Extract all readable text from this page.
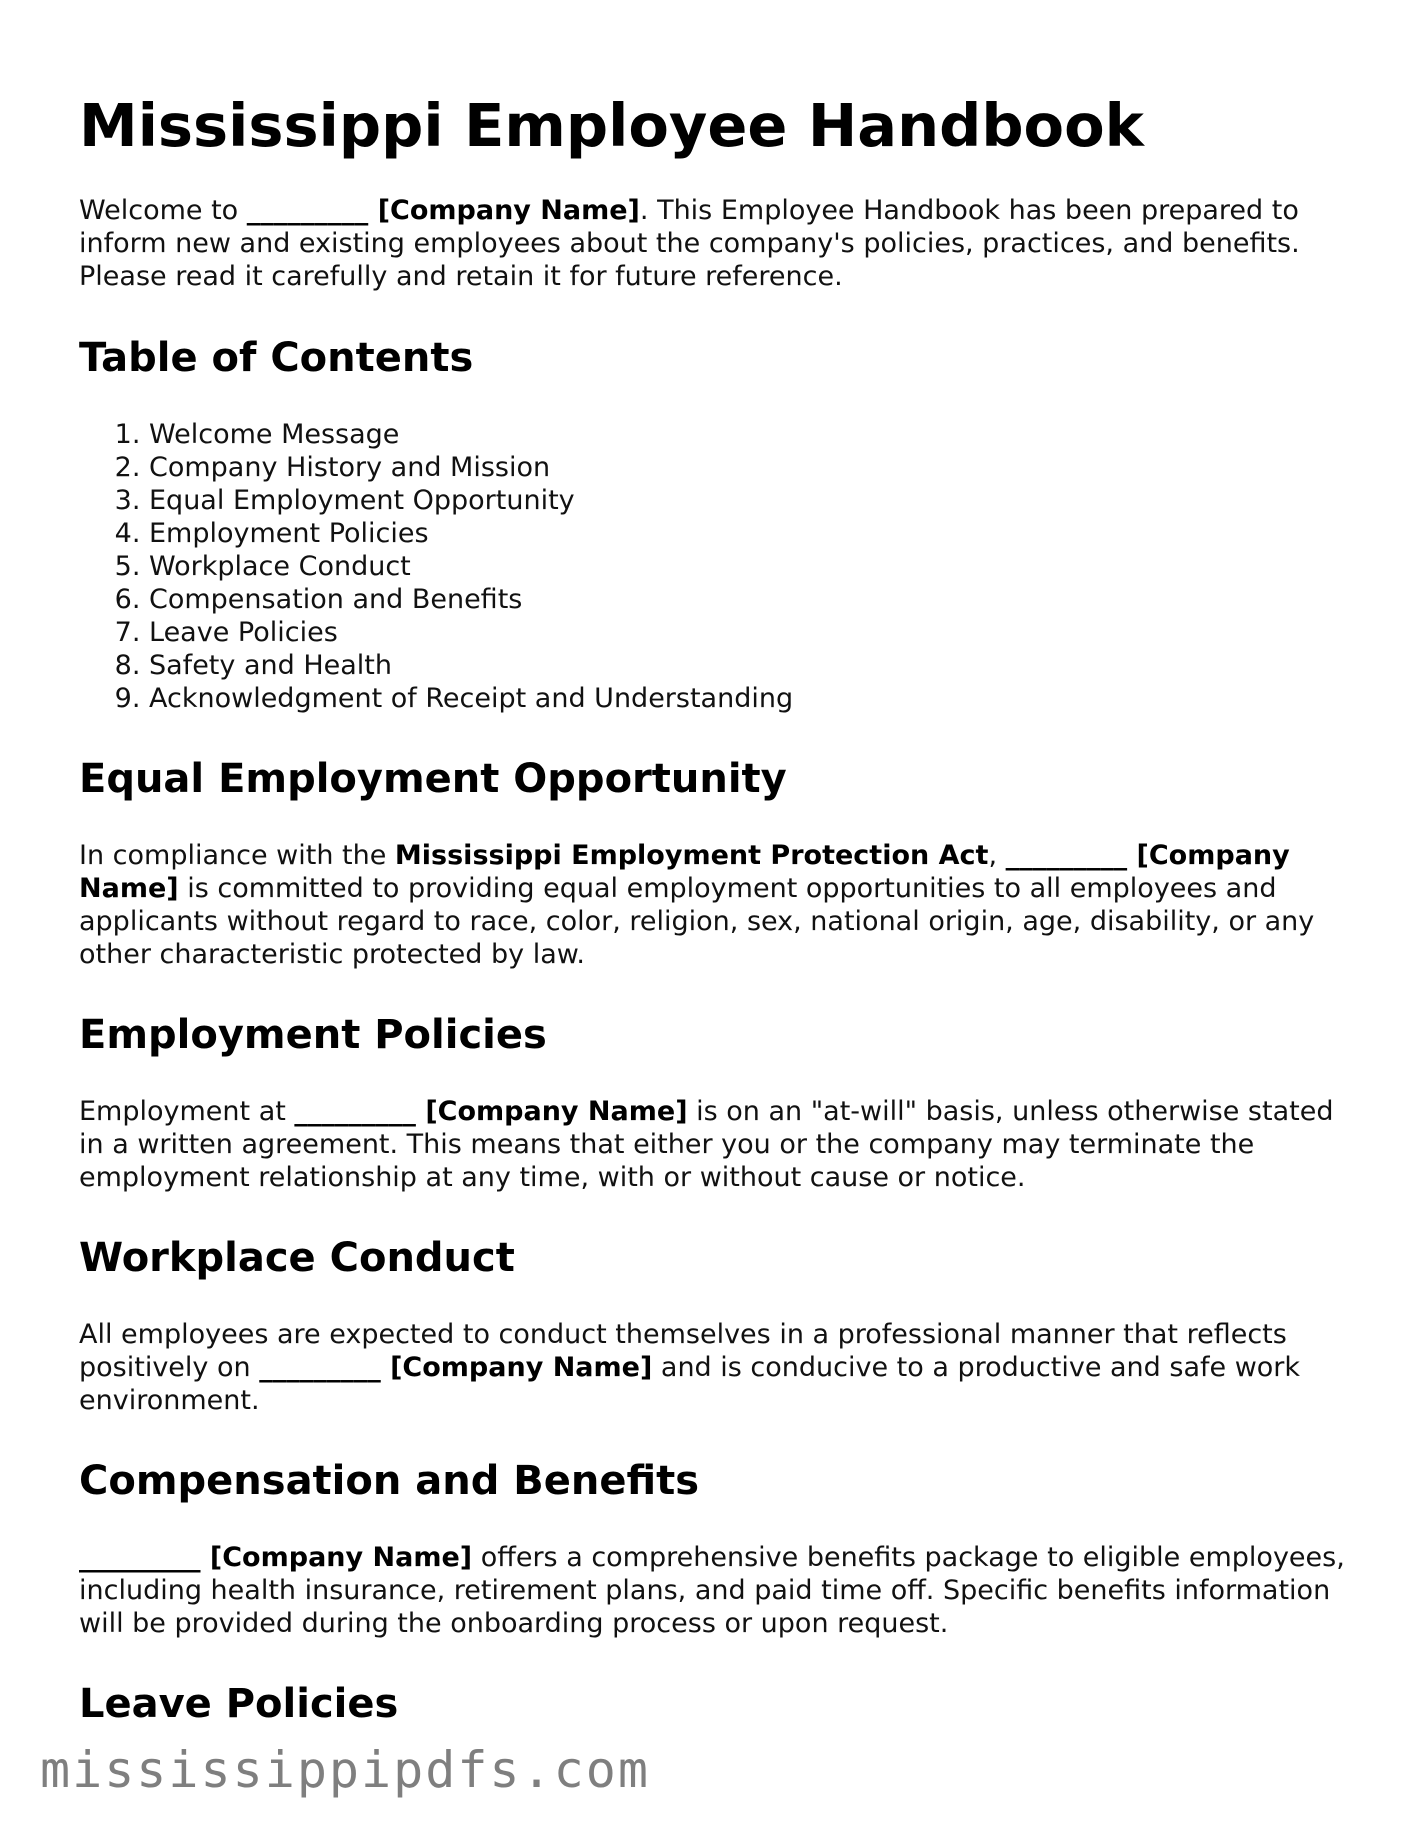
Mississippi Employee Handbook

Welcome to _________ [Company Name]. This Employee Handbook has been prepared to inform new and existing employees about the company's policies, practices, and benefits. Please read it carefully and retain it for future reference.

Table of Contents
1. Welcome Message
2. Company History and Mission
3. Equal Employment Opportunity
4. Employment Policies
5. Workplace Conduct
6. Compensation and Benefits
7. Leave Policies
8. Safety and Health
9. Acknowledgment of Receipt and Understanding
Equal Employment Opportunity

In compliance with the Mississippi Employment Protection Act, _________ [Company Name] is committed to providing equal employment opportunities to all employees and applicants without regard to race, color, religion, sex, national origin, age, disability, or any other characteristic protected by law.

Employment Policies

Employment at _________ [Company Name] is on an "at-will" basis, unless otherwise stated in a written agreement. This means that either you or the company may terminate the employment relationship at any time, with or without cause or notice.

Workplace Conduct

All employees are expected to conduct themselves in a professional manner that reflects positively on _________ [Company Name] and is conducive to a productive and safe work environment.

Compensation and Benefits

_________ [Company Name] offers a comprehensive benefits package to eligible employees, including health insurance, retirement plans, and paid time off. Specific benefits information will be provided during the onboarding process or upon request.

Leave Policies
mississippipdfs.com
